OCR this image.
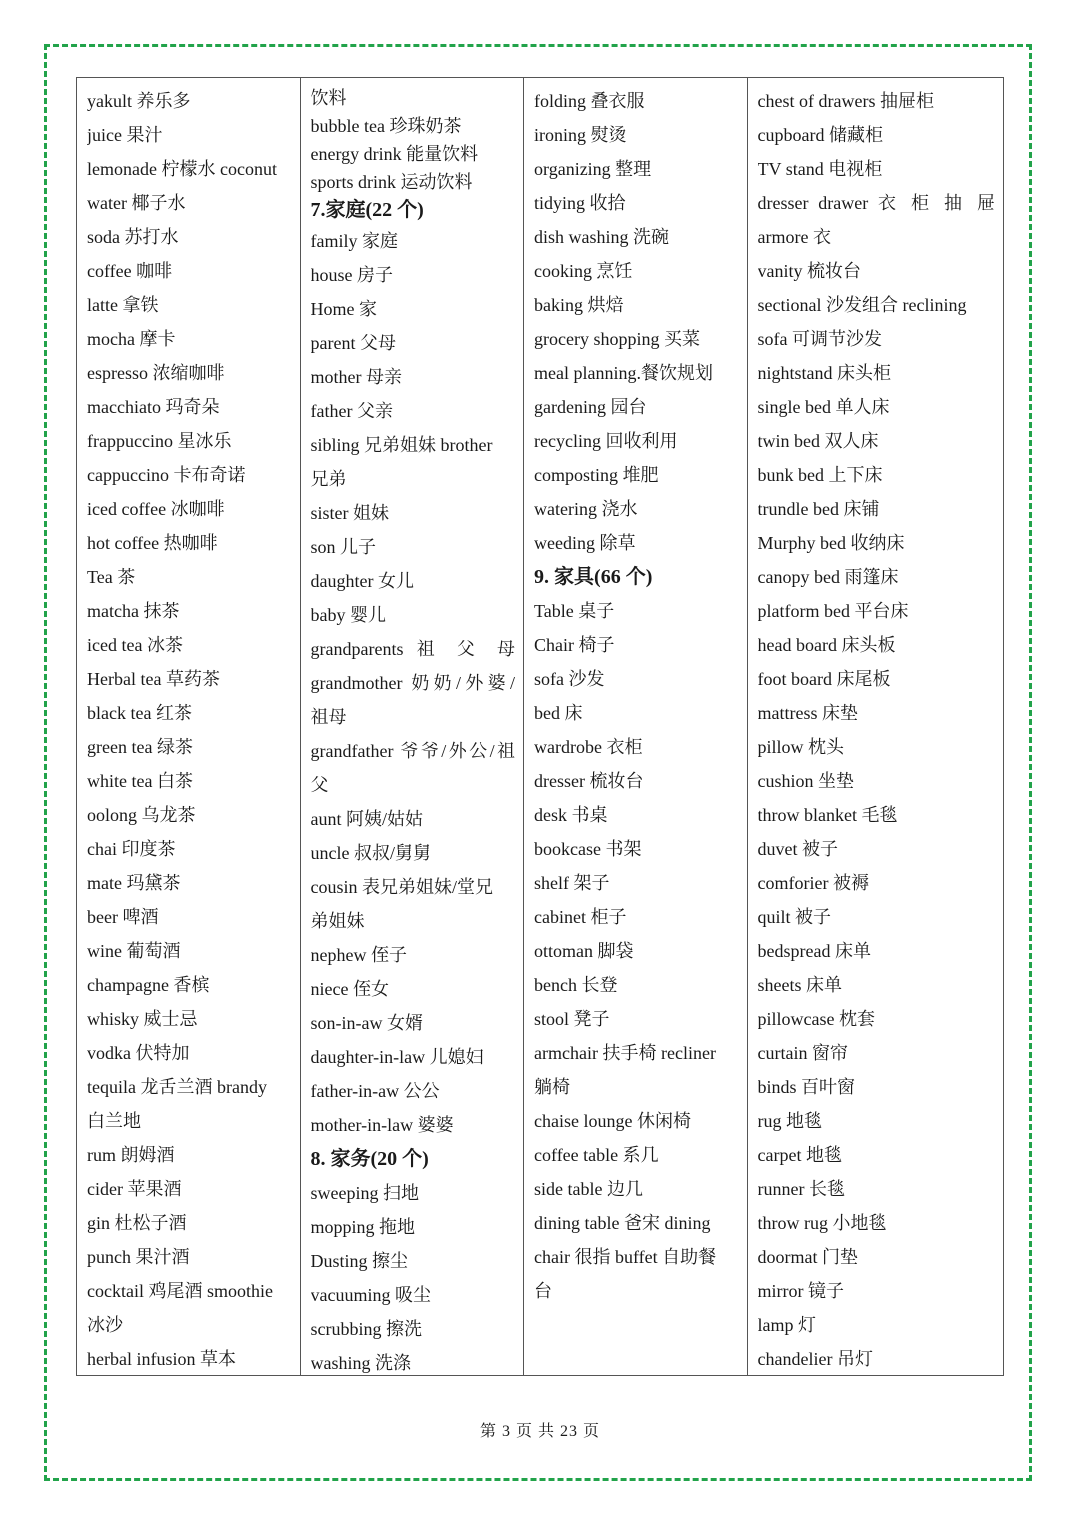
yakult 养乐多
juice 果汁
lemonade 柠檬水 coconut
water 椰子水
soda 苏打水
coffee 咖啡
latte 拿铁
mocha 摩卡
espresso 浓缩咖啡
macchiato 玛奇朵
frappuccino 星冰乐
cappuccino 卡布奇诺
iced coffee 冰咖啡
hot coffee 热咖啡
Tea 茶
matcha 抹茶
iced tea 冰茶
Herbal tea 草药茶
black tea 红茶
green tea 绿茶
white tea 白茶
oolong 乌龙茶
chai 印度茶
mate 玛黛茶
beer 啤酒
wine 葡萄酒
champagne 香槟
whisky 威士忌
vodka 伏特加
tequila 龙舌兰酒 brandy
白兰地
rum 朗姆酒
cider 苹果酒
gin 杜松子酒
punch 果汁酒
cocktail 鸡尾酒 smoothie
冰沙
herbal infusion 草本
饮料
bubble tea 珍珠奶茶
energy drink 能量饮料
sports drink 运动饮料
7.家庭(22 个)
family 家庭
house 房子
Home 家
parent 父母
mother 母亲
father 父亲
sibling 兄弟姐妹 brother
兄弟
sister 姐妹
son 儿子
daughter 女儿
baby 婴儿
grandparents 祖 父 母
grandmother 奶奶/外婆/
祖母
grandfather 爷爷/外公/祖
父
aunt 阿姨/姑姑
uncle 叔叔/舅舅
cousin 表兄弟姐妹/堂兄
弟姐妹
nephew 侄子
niece 侄女
son-in-aw 女婿
daughter-in-law 儿媳妇
father-in-aw 公公
mother-in-law 婆婆
8. 家务(20 个)
sweeping 扫地
mopping 拖地
Dusting 擦尘
vacuuming 吸尘
scrubbing 擦洗
washing 洗涤
folding 叠衣服
ironing 熨烫
organizing 整理
tidying 收拾
dish washing 洗碗
cooking 烹饪
baking 烘焙
grocery shopping 买菜
meal planning.餐饮规划
gardening 园台
recycling 回收利用
composting 堆肥
watering 浇水
weeding 除草
9. 家具(66 个)
Table 桌子
Chair 椅子
sofa 沙发
bed 床
wardrobe 衣柜
dresser 梳妆台
desk 书桌
bookcase 书架
shelf 架子
cabinet 柜子
ottoman 脚袋
bench 长登
stool 凳子
armchair 扶手椅 recliner
躺椅
chaise lounge 休闲椅
coffee table 系几
side table 边几
dining table 爸宋 dining
chair 很指 buffet 自助餐
台
chest of drawers 抽屉柜
cupboard 储藏柜
TV stand 电视柜
dresser drawer 衣 柜 抽 屉
armore 衣
vanity 梳妆台
sectional 沙发组合 reclining
sofa 可调节沙发
nightstand 床头柜
single bed 单人床
twin bed 双人床
bunk bed 上下床
trundle bed 床铺
Murphy bed 收纳床
canopy bed 雨篷床
platform bed 平台床
head board 床头板
foot board 床尾板
mattress 床垫
pillow 枕头
cushion 坐垫
throw blanket 毛毯
duvet 被子
comforier 被褥
quilt 被子
bedspread 床单
sheets 床单
pillowcase 枕套
curtain 窗帘
binds 百叶窗
rug 地毯
carpet 地毯
runner 长毯
throw rug 小地毯
doormat 门垫
mirror 镜子
lamp 灯
chandelier 吊灯
第 3 页 共 23 页
